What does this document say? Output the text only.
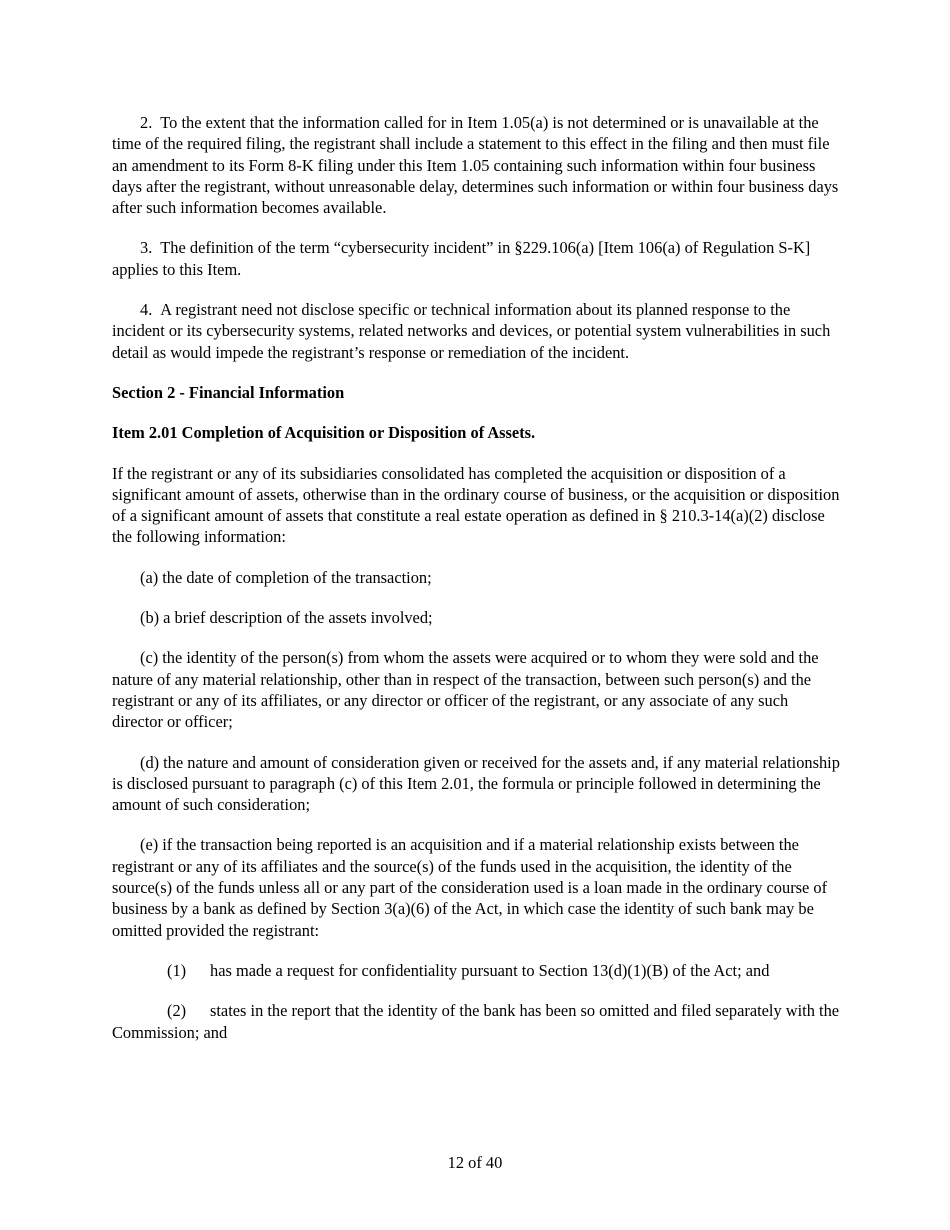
2. To the extent that the information called for in Item 1.05(a) is not determined or is unavailable at the time of the required filing, the registrant shall include a statement to this effect in the filing and then must file an amendment to its Form 8-K filing under this Item 1.05 containing such information within four business days after the registrant, without unreasonable delay, determines such information or within four business days after such information becomes available.

3. The definition of the term “cybersecurity incident” in §229.106(a) [Item 106(a) of Regulation S-K] applies to this Item.

4. A registrant need not disclose specific or technical information about its planned response to the incident or its cybersecurity systems, related networks and devices, or potential system vulnerabilities in such detail as would impede the registrant’s response or remediation of the incident.

Section 2 - Financial Information

Item 2.01 Completion of Acquisition or Disposition of Assets.

If the registrant or any of its subsidiaries consolidated has completed the acquisition or disposition of a significant amount of assets, otherwise than in the ordinary course of business, or the acquisition or disposition of a significant amount of assets that constitute a real estate operation as defined in § 210.3-14(a)(2) disclose the following information:

(a) the date of completion of the transaction;

(b) a brief description of the assets involved;

(c) the identity of the person(s) from whom the assets were acquired or to whom they were sold and the nature of any material relationship, other than in respect of the transaction, between such person(s) and the registrant or any of its affiliates, or any director or officer of the registrant, or any associate of any such director or officer;

(d) the nature and amount of consideration given or received for the assets and, if any material relationship is disclosed pursuant to paragraph (c) of this Item 2.01, the formula or principle followed in determining the amount of such consideration;

(e) if the transaction being reported is an acquisition and if a material relationship exists between the registrant or any of its affiliates and the source(s) of the funds used in the acquisition, the identity of the source(s) of the funds unless all or any part of the consideration used is a loan made in the ordinary course of business by a bank as defined by Section 3(a)(6) of the Act, in which case the identity of such bank may be omitted provided the registrant:

(1) has made a request for confidentiality pursuant to Section 13(d)(1)(B) of the Act; and

(2) states in the report that the identity of the bank has been so omitted and filed separately with the Commission; and

12 of 40
